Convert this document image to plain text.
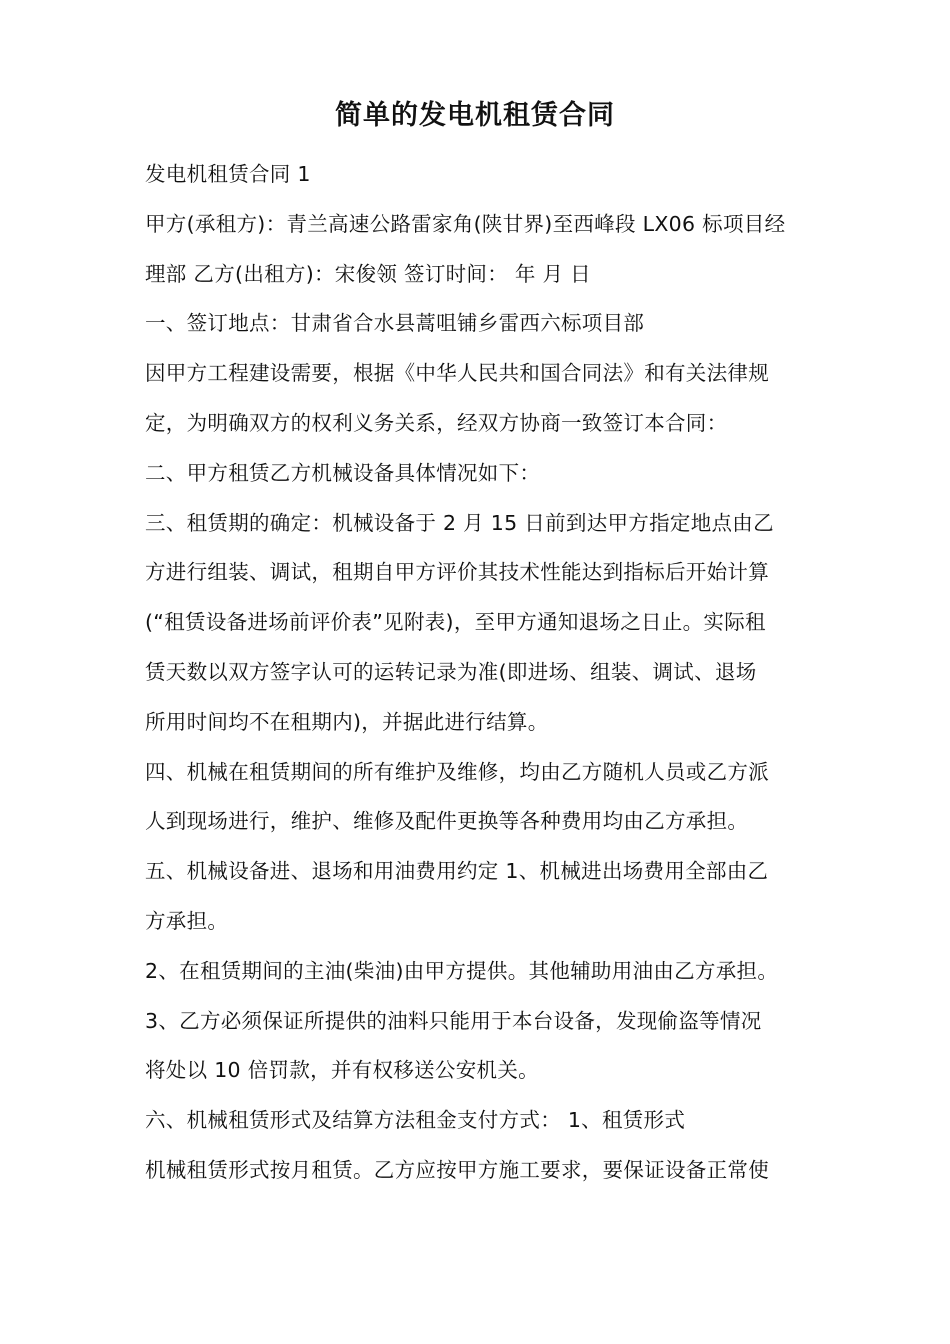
简单的发电机租赁合同
发电机租赁合同 1
甲方(承租方)：青兰高速公路雷家角(陕甘界)至西峰段 LX06 标项目经
理部 乙方(出租方)：宋俊领 签订时间： 年 月 日
一、签订地点：甘肃省合水县蒿咀铺乡雷西六标项目部
因甲方工程建设需要，根据《中华人民共和国合同法》和有关法律规
定，为明确双方的权利义务关系，经双方协商一致签订本合同：
二、甲方租赁乙方机械设备具体情况如下：
三、租赁期的确定：机械设备于 2 月 15 日前到达甲方指定地点由乙
方进行组装、调试，租期自甲方评价其技术性能达到指标后开始计算
(“租赁设备进场前评价表”见附表)，至甲方通知退场之日止。实际租
赁天数以双方签字认可的运转记录为准(即进场、组装、调试、退场
所用时间均不在租期内)，并据此进行结算。
四、机械在租赁期间的所有维护及维修，均由乙方随机人员或乙方派
人到现场进行，维护、维修及配件更换等各种费用均由乙方承担。
五、机械设备进、退场和用油费用约定 1、机械进出场费用全部由乙
方承担。
2、在租赁期间的主油(柴油)由甲方提供。其他辅助用油由乙方承担。
3、乙方必须保证所提供的油料只能用于本台设备，发现偷盗等情况
将处以 10 倍罚款，并有权移送公安机关。
六、机械租赁形式及结算方法租金支付方式： 1、租赁形式
机械租赁形式按月租赁。乙方应按甲方施工要求，要保证设备正常使
